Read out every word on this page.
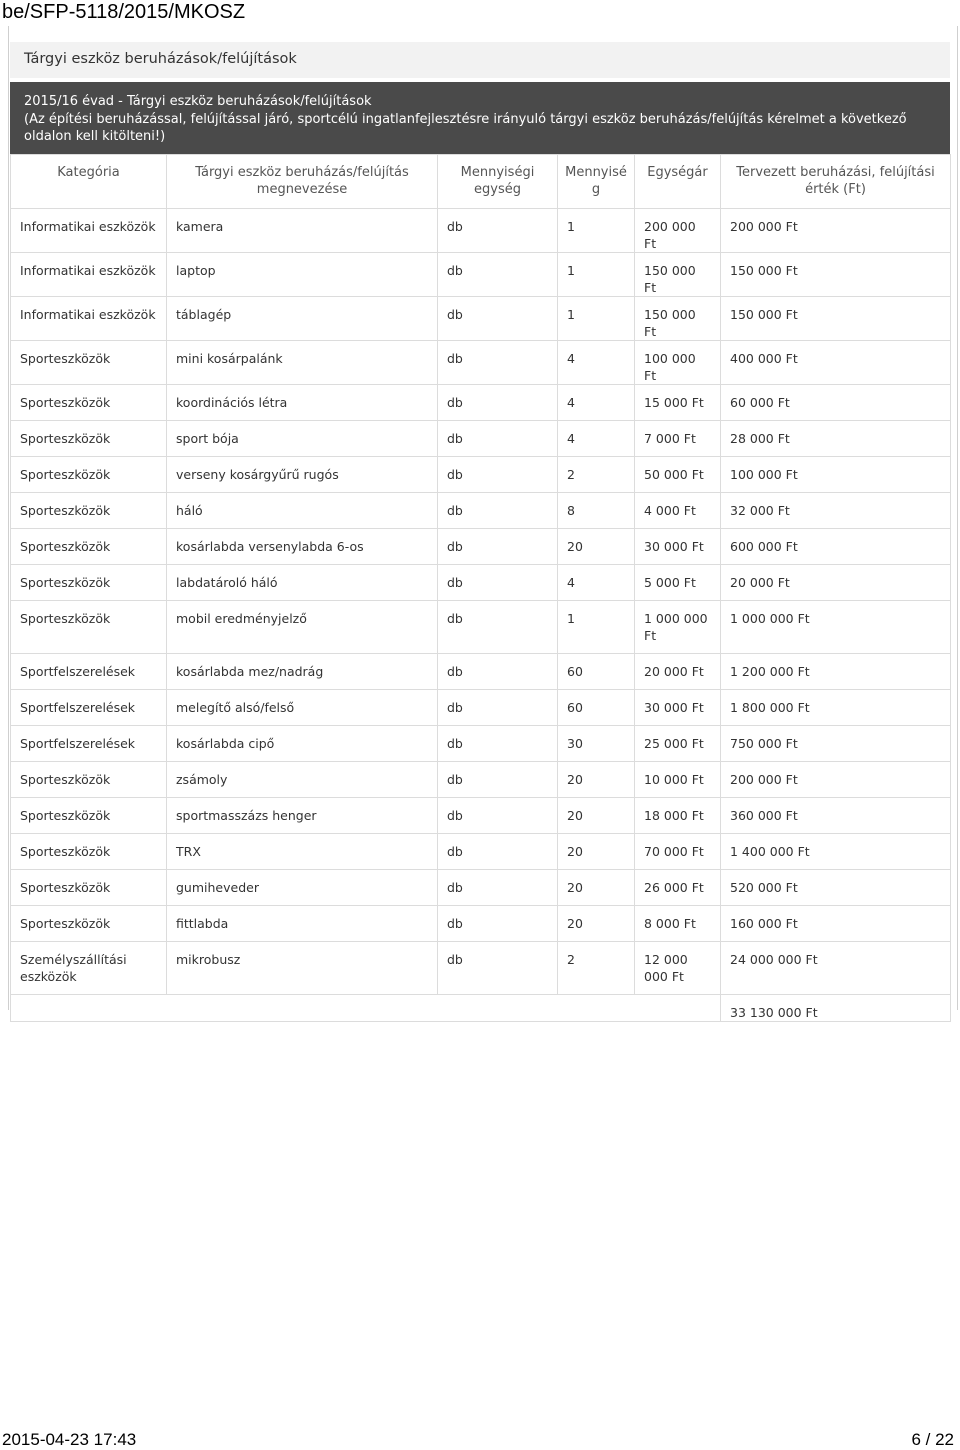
be/SFP-5118/2015/MKOSZ
Tárgyi eszköz beruházások/felújítások
2015/16 évad - Tárgyi eszköz beruházások/felújítások
(Az építési beruházással, felújítással járó, sportcélú ingatlanfejlesztésre irányuló tárgyi eszköz beruházás/felújítás kérelmet a következő oldalon kell kitölteni!)
Kategória	Tárgyi eszköz beruházás/felújítás megnevezése	Mennyiségi egység	Mennyiség	Egységár	Tervezett beruházási, felújítási érték (Ft)
Informatikai eszközök	kamera	db	1	200 000 Ft	200 000 Ft
Informatikai eszközök	laptop	db	1	150 000 Ft	150 000 Ft
Informatikai eszközök	táblagép	db	1	150 000 Ft	150 000 Ft
Sporteszközök	mini kosárpalánk	db	4	100 000 Ft	400 000 Ft
Sporteszközök	koordinációs létra	db	4	15 000 Ft	60 000 Ft
Sporteszközök	sport bója	db	4	7 000 Ft	28 000 Ft
Sporteszközök	verseny kosárgyűrű rugós	db	2	50 000 Ft	100 000 Ft
Sporteszközök	háló	db	8	4 000 Ft	32 000 Ft
Sporteszközök	kosárlabda versenylabda 6-os	db	20	30 000 Ft	600 000 Ft
Sporteszközök	labdatároló háló	db	4	5 000 Ft	20 000 Ft
Sporteszközök	mobil eredményjelző	db	1	1 000 000 Ft	1 000 000 Ft
Sportfelszerelések	kosárlabda mez/nadrág	db	60	20 000 Ft	1 200 000 Ft
Sportfelszerelések	melegítő alsó/felső	db	60	30 000 Ft	1 800 000 Ft
Sportfelszerelések	kosárlabda cipő	db	30	25 000 Ft	750 000 Ft
Sporteszközök	zsámoly	db	20	10 000 Ft	200 000 Ft
Sporteszközök	sportmasszázs henger	db	20	18 000 Ft	360 000 Ft
Sporteszközök	TRX	db	20	70 000 Ft	1 400 000 Ft
Sporteszközök	gumiheveder	db	20	26 000 Ft	520 000 Ft
Sporteszközök	fittlabda	db	20	8 000 Ft	160 000 Ft
Személyszállítási eszközök	mikrobusz	db	2	12 000 000 Ft	24 000 000 Ft
					33 130 000 Ft
2015-04-23 17:43	6 / 22
